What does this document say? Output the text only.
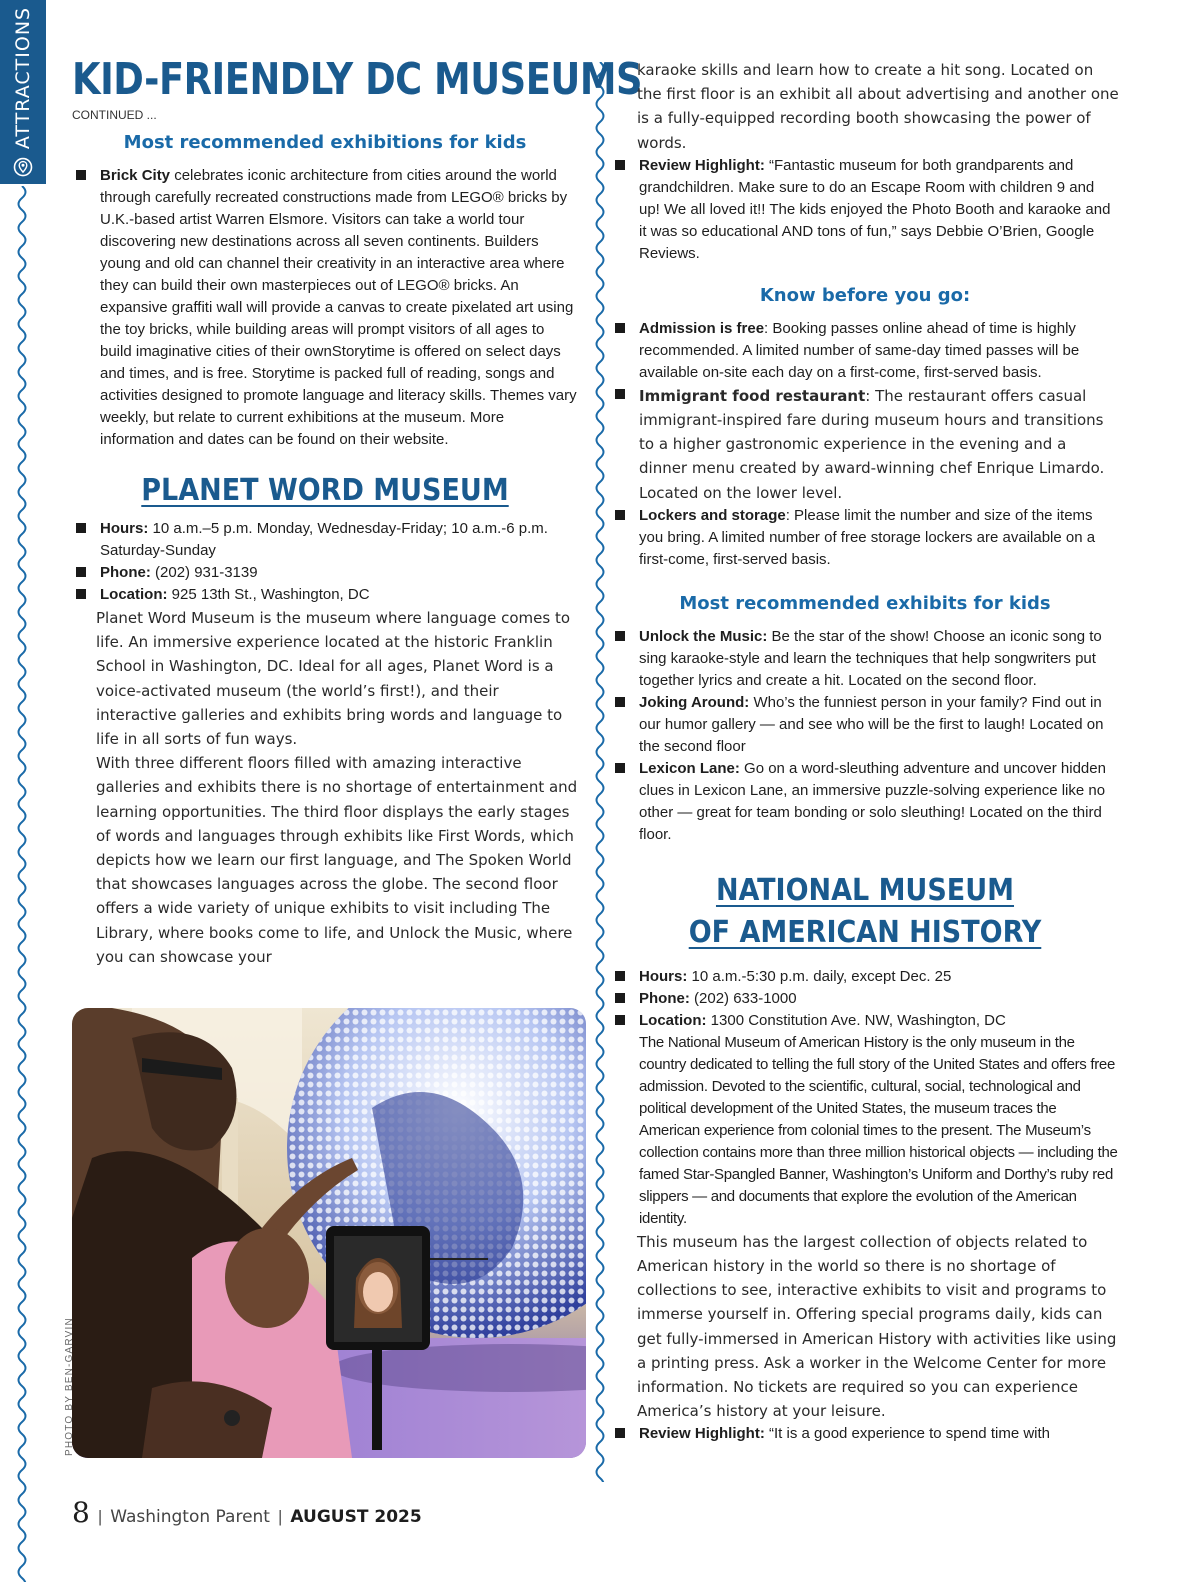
ATTRACTIONS KID-FRIENDLY DC MUSEUMS
CONTINUED ...
Most recommended exhibitions for kids
Brick City celebrates iconic architecture from cities around the world through carefully recreated constructions made from LEGO® bricks by U.K.-based artist Warren Elsmore. Visitors can take a world tour discovering new destinations across all seven continents. Builders young and old can channel their creativity in an interactive area where they can build their own masterpieces out of LEGO® bricks. An expansive graffiti wall will provide a canvas to create pixelated art using the toy bricks, while building areas will prompt visitors of all ages to build imaginative cities of their ownStorytime is offered on select days and times, and is free. Storytime is packed full of reading, songs and activities designed to promote language and literacy skills. Themes vary weekly, but relate to current exhibitions at the museum. More information and dates can be found on their website.
PLANET WORD MUSEUM
Hours: 10 a.m.–5 p.m. Monday, Wednesday-Friday; 10 a.m.-6 p.m. Saturday-Sunday
Phone: (202) 931-3139
Location: 925 13th St., Washington, DC
Planet Word Museum is the museum where language comes to life. An immersive experience located at the historic Franklin School in Washington, DC. Ideal for all ages, Planet Word is a voice-activated museum (the world’s first!), and their interactive galleries and exhibits bring words and language to life in all sorts of fun ways.
With three different floors filled with amazing interactive galleries and exhibits there is no shortage of entertainment and learning opportunities. The third floor displays the early stages of words and languages through exhibits like First Words, which depicts how we learn our first language, and The Spoken World that showcases languages across the globe. The second floor offers a wide variety of unique exhibits to visit including The Library, where books come to life, and Unlock the Music, where you can showcase your
PHOTO BY BEN-GARVIN
karaoke skills and learn how to create a hit song. Located on the first floor is an exhibit all about advertising and another one is a fully-equipped recording booth showcasing the power of words.
Review Highlight: “Fantastic museum for both grandparents and grandchildren. Make sure to do an Escape Room with children 9 and up! We all loved it!! The kids enjoyed the Photo Booth and karaoke and it was so educational AND tons of fun,” says Debbie O’Brien, Google Reviews.
Know before you go:
Admission is free: Booking passes online ahead of time is highly recommended. A limited number of same-day timed passes will be available on-site each day on a first-come, first-served basis.
Immigrant food restaurant: The restaurant offers casual immigrant-inspired fare during museum hours and transitions to a higher gastronomic experience in the evening and a dinner menu created by award-winning chef Enrique Limardo. Located on the lower level.
Lockers and storage: Please limit the number and size of the items you bring. A limited number of free storage lockers are available on a first-come, first-served basis.
Most recommended exhibits for kids
Unlock the Music: Be the star of the show! Choose an iconic song to sing karaoke-style and learn the techniques that help songwriters put together lyrics and create a hit. Located on the second floor.
Joking Around: Who’s the funniest person in your family? Find out in our humor gallery — and see who will be the first to laugh! Located on the second floor
Lexicon Lane: Go on a word-sleuthing adventure and uncover hidden clues in Lexicon Lane, an immersive puzzle-solving experience like no other — great for team bonding or solo sleuthing! Located on the third floor.
NATIONAL MUSEUM
OF AMERICAN HISTORY
Hours: 10 a.m.-5:30 p.m. daily, except Dec. 25
Phone: (202) 633-1000
Location: 1300 Constitution Ave. NW, Washington, DC
The National Museum of American History is the only museum in the country dedicated to telling the full story of the United States and offers free admission. Devoted to the scientific, cultural, social, technological and political development of the United States, the museum traces the American experience from colonial times to the present. The Museum’s collection contains more than three million historical objects — including the famed Star-Spangled Banner, Washington’s Uniform and Dorthy’s ruby red slippers — and documents that explore the evolution of the American identity.
This museum has the largest collection of objects related to American history in the world so there is no shortage of collections to see, interactive exhibits to visit and programs to immerse yourself in. Offering special programs daily, kids can get fully-immersed in American History with activities like using a printing press. Ask a worker in the Welcome Center for more information. No tickets are required so you can experience America’s history at your leisure.
Review Highlight: “It is a good experience to spend time with
8 | Washington Parent | AUGUST 2025
